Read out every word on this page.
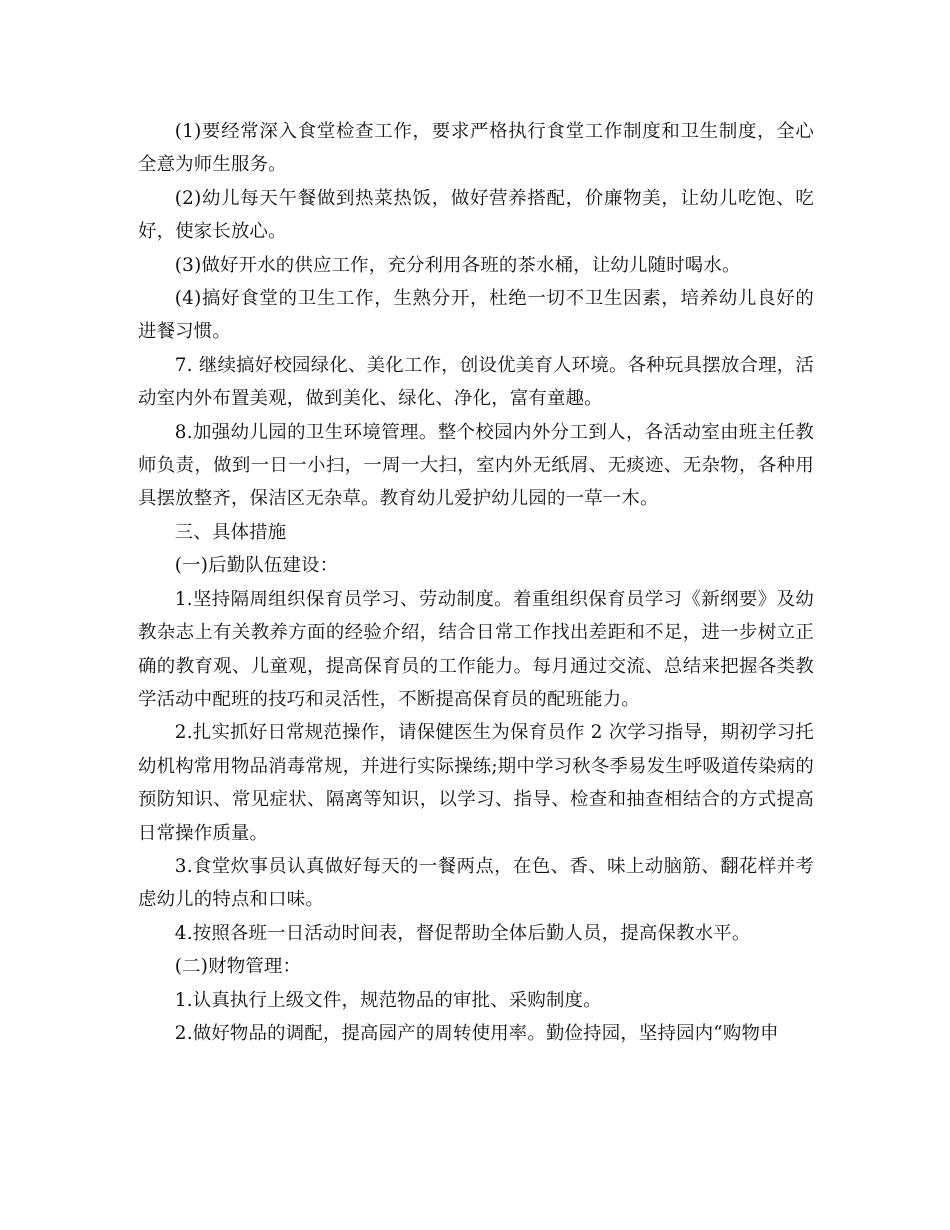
(1)要经常深入食堂检查工作，要求严格执行食堂工作制度和卫生制度，全心全意为师生服务。

(2)幼儿每天午餐做到热菜热饭，做好营养搭配，价廉物美，让幼儿吃饱、吃好，使家长放心。

(3)做好开水的供应工作，充分利用各班的茶水桶，让幼儿随时喝水。

(4)搞好食堂的卫生工作，生熟分开，杜绝一切不卫生因素，培养幼儿良好的进餐习惯。

7. 继续搞好校园绿化、美化工作，创设优美育人环境。各种玩具摆放合理，活动室内外布置美观，做到美化、绿化、净化，富有童趣。

8.加强幼儿园的卫生环境管理。整个校园内外分工到人，各活动室由班主任教师负责，做到一日一小扫，一周一大扫，室内外无纸屑、无痰迹、无杂物，各种用具摆放整齐，保洁区无杂草。教育幼儿爱护幼儿园的一草一木。

三、具体措施

(一)后勤队伍建设：

1.坚持隔周组织保育员学习、劳动制度。着重组织保育员学习《新纲要》及幼教杂志上有关教养方面的经验介绍，结合日常工作找出差距和不足，进一步树立正确的教育观、儿童观，提高保育员的工作能力。每月通过交流、总结来把握各类教学活动中配班的技巧和灵活性，不断提高保育员的配班能力。

2.扎实抓好日常规范操作，请保健医生为保育员作 2 次学习指导，期初学习托幼机构常用物品消毒常规，并进行实际操练;期中学习秋冬季易发生呼吸道传染病的预防知识、常见症状、隔离等知识，以学习、指导、检查和抽查相结合的方式提高日常操作质量。

3.食堂炊事员认真做好每天的一餐两点，在色、香、味上动脑筋、翻花样并考虑幼儿的特点和口味。

4.按照各班一日活动时间表，督促帮助全体后勤人员，提高保教水平。

(二)财物管理：

1.认真执行上级文件，规范物品的审批、采购制度。

2.做好物品的调配，提高园产的周转使用率。勤俭持园，坚持园内“购物申
